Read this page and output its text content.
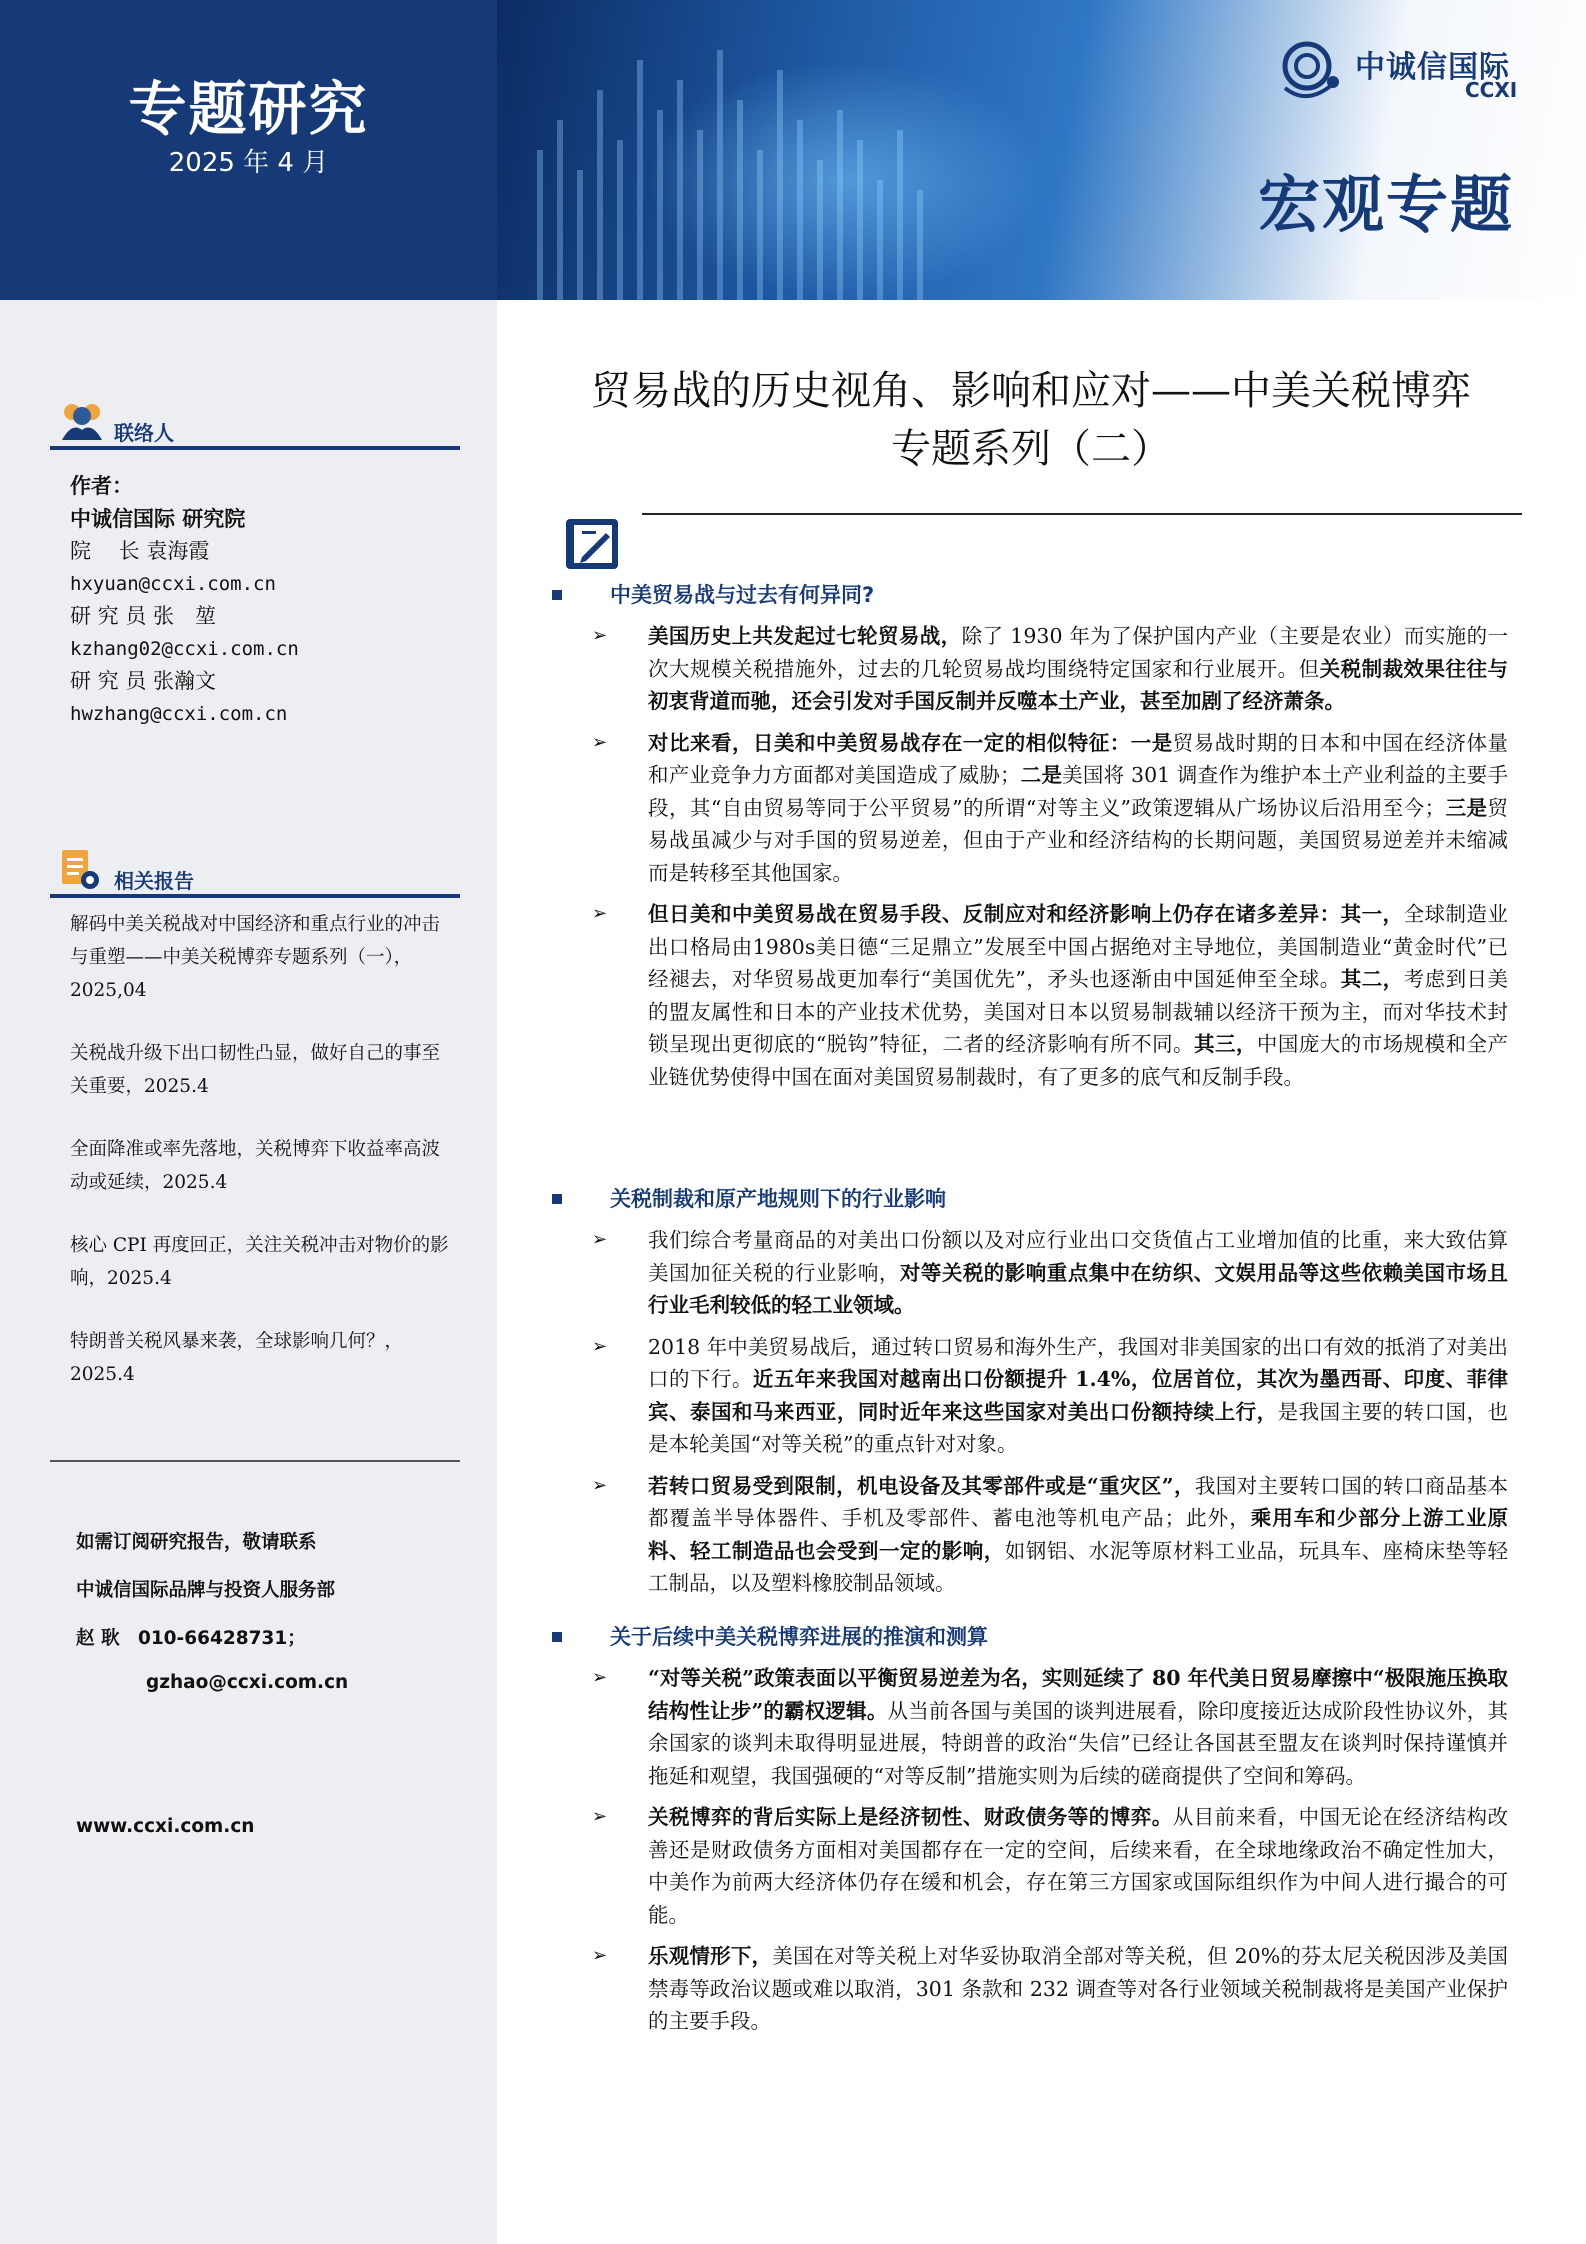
专题研究
2025 年 4 月
中诚信国际
CCXI
宏观专题
联络人
作者：
中诚信国际 研究院
院　 长 袁海霞
hxyuan@ccxi.com.cn
研 究 员 张　堃
kzhang02@ccxi.com.cn
研 究 员 张瀚文
hwzhang@ccxi.com.cn
相关报告
解码中美关税战对中国经济和重点行业的冲击与重塑——中美关税博弈专题系列（一），2025,04
关税战升级下出口韧性凸显，做好自己的事至关重要，2025.4
全面降准或率先落地，关税博弈下收益率高波动或延续，2025.4
核心 CPI 再度回正，关注关税冲击对物价的影响，2025.4
特朗普关税风暴来袭，全球影响几何？，2025.4
如需订阅研究报告，敬请联系
中诚信国际品牌与投资人服务部
赵 耿　010-66428731；
gzhao@ccxi.com.cn
www.ccxi.com.cn
贸易战的历史视角、影响和应对——中美关税博弈
专题系列（二）
中美贸易战与过去有何异同?
➢ 美国历史上共发起过七轮贸易战，除了 1930 年为了保护国内产业（主要是农业）而实施的一次大规模关税措施外，过去的几轮贸易战均围绕特定国家和行业展开。但关税制裁效果往往与初衷背道而驰，还会引发对手国反制并反噬本土产业，甚至加剧了经济萧条。
➢ 对比来看，日美和中美贸易战存在一定的相似特征：一是贸易战时期的日本和中国在经济体量和产业竞争力方面都对美国造成了威胁；二是美国将 301 调查作为维护本土产业利益的主要手段，其“自由贸易等同于公平贸易”的所谓“对等主义”政策逻辑从广场协议后沿用至今；三是贸易战虽减少与对手国的贸易逆差，但由于产业和经济结构的长期问题，美国贸易逆差并未缩减而是转移至其他国家。
➢ 但日美和中美贸易战在贸易手段、反制应对和经济影响上仍存在诸多差异：其一，全球制造业出口格局由1980s美日德“三足鼎立”发展至中国占据绝对主导地位，美国制造业“黄金时代”已经褪去，对华贸易战更加奉行“美国优先”，矛头也逐渐由中国延伸至全球。其二，考虑到日美的盟友属性和日本的产业技术优势，美国对日本以贸易制裁辅以经济干预为主，而对华技术封锁呈现出更彻底的“脱钩”特征，二者的经济影响有所不同。其三，中国庞大的市场规模和全产业链优势使得中国在面对美国贸易制裁时，有了更多的底气和反制手段。
关税制裁和原产地规则下的行业影响
➢ 我们综合考量商品的对美出口份额以及对应行业出口交货值占工业增加值的比重，来大致估算美国加征关税的行业影响，对等关税的影响重点集中在纺织、文娱用品等这些依赖美国市场且行业毛利较低的轻工业领域。
➢ 2018 年中美贸易战后，通过转口贸易和海外生产，我国对非美国家的出口有效的抵消了对美出口的下行。近五年来我国对越南出口份额提升 1.4%，位居首位，其次为墨西哥、印度、菲律宾、泰国和马来西亚，同时近年来这些国家对美出口份额持续上行，是我国主要的转口国，也是本轮美国“对等关税”的重点针对对象。
➢ 若转口贸易受到限制，机电设备及其零部件或是“重灾区”，我国对主要转口国的转口商品基本都覆盖半导体器件、手机及零部件、蓄电池等机电产品；此外，乘用车和少部分上游工业原料、轻工制造品也会受到一定的影响，如钢铝、水泥等原材料工业品，玩具车、座椅床垫等轻工制品，以及塑料橡胶制品领域。
关于后续中美关税博弈进展的推演和测算
➢ “对等关税”政策表面以平衡贸易逆差为名，实则延续了 80 年代美日贸易摩擦中“极限施压换取结构性让步”的霸权逻辑。从当前各国与美国的谈判进展看，除印度接近达成阶段性协议外，其余国家的谈判未取得明显进展，特朗普的政治“失信”已经让各国甚至盟友在谈判时保持谨慎并拖延和观望，我国强硬的“对等反制”措施实则为后续的磋商提供了空间和筹码。
➢ 关税博弈的背后实际上是经济韧性、财政债务等的博弈。从目前来看，中国无论在经济结构改善还是财政债务方面相对美国都存在一定的空间，后续来看，在全球地缘政治不确定性加大，中美作为前两大经济体仍存在缓和机会，存在第三方国家或国际组织作为中间人进行撮合的可能。
➢ 乐观情形下，美国在对等关税上对华妥协取消全部对等关税，但 20%的芬太尼关税因涉及美国禁毒等政治议题或难以取消，301 条款和 232 调查等对各行业领域关税制裁将是美国产业保护的主要手段。
